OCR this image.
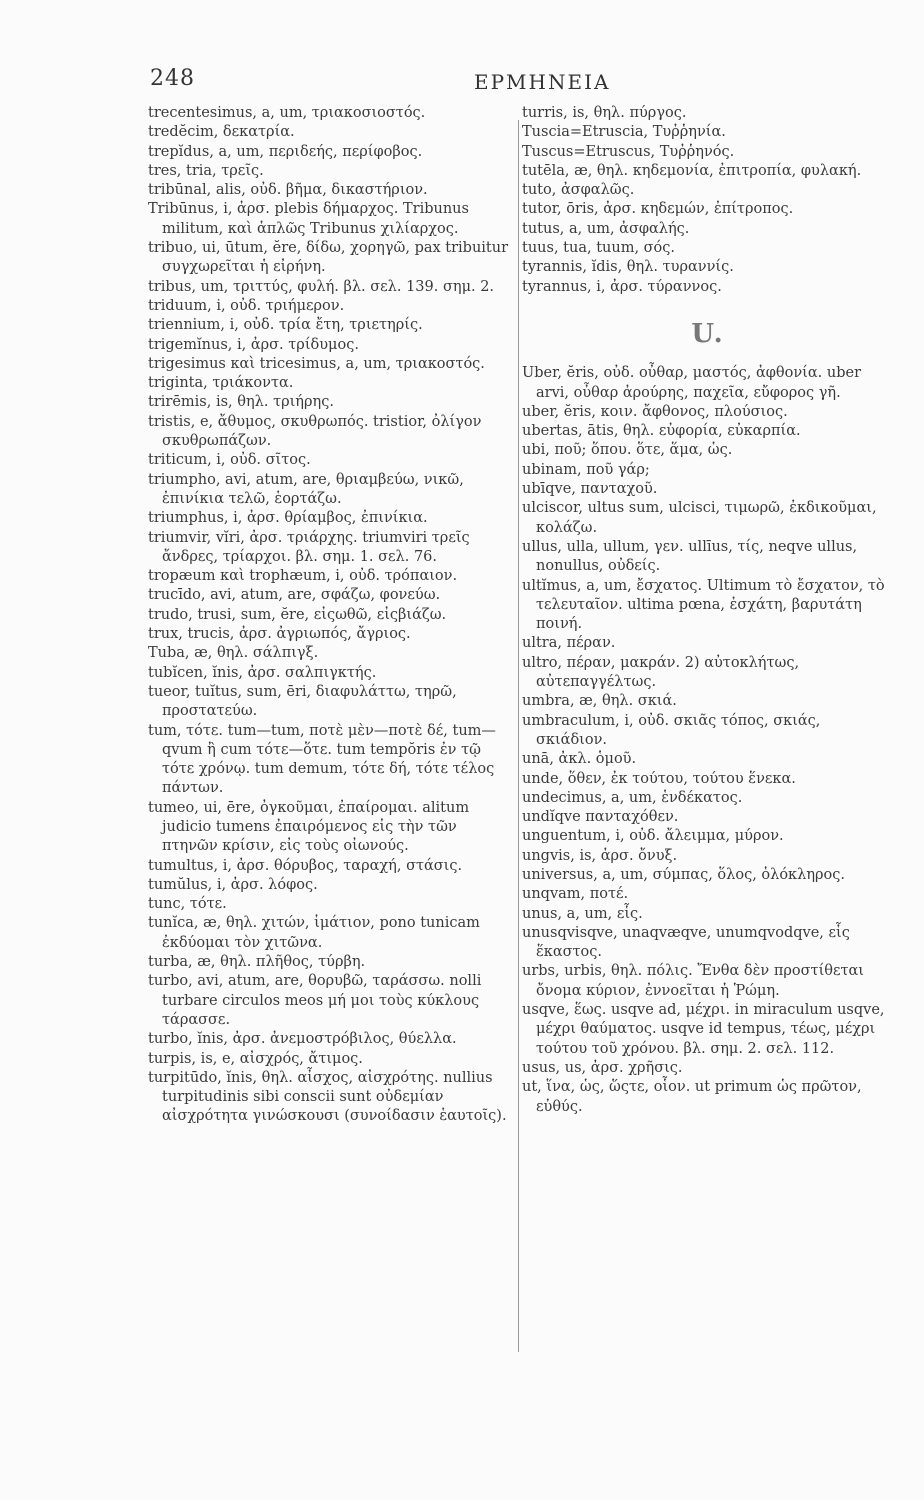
248	ΕΡΜΗΝΕΙΑ

trecentesimus, a, um, τριακοσιοστός.

tredĕcim, δεκατρία.

trepĭdus, a, um, περιδεής, περίφοβος.

tres, tria, τρεῖς.

tribūnal, alis, οὐδ. βῆμα, δικαστήριον.

Tribūnus, i, ἀρσ. plebis δήμαρχος. Tribunus militum, καὶ ἁπλῶς Tribunus χιλίαρχος.

tribuo, ui, ūtum, ĕre, δίδω, χορηγῶ, pax tribuitur συγχωρεῖται ἡ εἰρήνη.

tribus, um, τριττύς, φυλή. βλ. σελ. 139. σημ. 2.

triduum, i, οὐδ. τριήμερον.

triennium, i, οὐδ. τρία ἔτη, τριετηρίς.

trigemĭnus, i, ἀρσ. τρίδυμος.

trigesimus καὶ tricesimus, a, um, τριακοστός.

triginta, τριάκοντα.

trirēmis, is, θηλ. τριήρης.

tristis, e, ἄθυμος, σκυθρωπός. tristior, ὀλίγον σκυθρωπάζων.

triticum, i, οὐδ. σῖτος.

triumpho, avi, atum, are, θριαμβεύω, νικῶ, ἐπινίκια τελῶ, ἑορτάζω.

triumphus, i, ἀρσ. θρίαμβος, ἐπινίκια.

triumvir, vĭri, ἀρσ. τριάρχης. triumviri τρεῖς ἄνδρες, τρίαρχοι. βλ. σημ. 1. σελ. 76.

tropæum καὶ trophæum, i, οὐδ. τρόπαιον.

trucīdo, avi, atum, are, σφάζω, φονεύω.

trudo, trusi, sum, ĕre, εἰςωθῶ, εἰςβιάζω.

trux, trucis, ἀρσ. ἀγριωπός, ἄγριος.

Tuba, æ, θηλ. σάλπιγξ.

tubĭcen, ĭnis, ἀρσ. σαλπιγκτής.

tueor, tuĭtus, sum, ēri, διαφυλάττω, τηρῶ, προστατεύω.

tum, τότε. tum—tum, ποτὲ μὲν—ποτὲ δέ, tum—qvum ἢ cum τότε—ὅτε. tum tempŏris ἐν τῷ τότε χρόνῳ. tum demum, τότε δή, τότε τέλος πάντων.

tumeo, ui, ēre, ὀγκοῦμαι, ἐπαίρομαι. alitum judicio tumens ἐπαιρόμενος εἰς τὴν τῶν πτηνῶν κρίσιν, εἰς τοὺς οἰωνούς.

tumultus, i, ἀρσ. θόρυβος, ταραχή, στάσις.

tumŭlus, i, ἀρσ. λόφος.

tunc, τότε.

tunĭca, æ, θηλ. χιτών, ἱμάτιον, pono tunicam ἐκδύομαι τὸν χιτῶνα.

turba, æ, θηλ. πλῆθος, τύρβη.

turbo, avi, atum, are, θορυβῶ, ταράσσω. nolli turbare circulos meos μή μοι τοὺς κύκλους τάρασσε.

turbo, ĭnis, ἀρσ. ἀνεμοστρόβιλος, θύελλα.

turpis, is, e, αἰσχρός, ἄτιμος.

turpitūdo, ĭnis, θηλ. αἶσχος, αἰσχρότης. nullius turpitudinis sibi conscii sunt οὐδεμίαν αἰσχρότητα γινώσκουσι (συνοίδασιν ἑαυτοῖς).

turris, is, θηλ. πύργος.

Tuscia=Etruscia, Τυῤῥηνία.

Tuscus=Etruscus, Τυῤῥηνός.

tutēla, æ, θηλ. κηδεμονία, ἐπιτροπία, φυλακή.

tuto, ἀσφαλῶς.

tutor, ōris, ἀρσ. κηδεμών, ἐπίτροπος.

tutus, a, um, ἀσφαλής.

tuus, tua, tuum, σός.

tyrannis, ĭdis, θηλ. τυραννίς.

tyrannus, i, ἀρσ. τύραννος.

U.

Uber, ĕris, οὐδ. οὖθαρ, μαστός, ἀφθονία. uber arvi, οὖθαρ ἀρούρης, παχεῖα, εὔφορος γῆ.

uber, ĕris, κοιν. ἄφθονος, πλούσιος.

ubertas, ātis, θηλ. εὐφορία, εὐκαρπία.

ubi, ποῦ; ὅπου. ὅτε, ἅμα, ὡς.

ubinam, ποῦ γάρ;

ubīqve, πανταχοῦ.

ulciscor, ultus sum, ulcisci, τιμωρῶ, ἐκδικοῦμαι, κολάζω.

ullus, ulla, ullum, γεν. ullīus, τίς, neqve ullus, nonullus, οὐδείς.

ultĭmus, a, um, ἔσχατος. Ultimum τὸ ἔσχατον, τὸ τελευταῖον. ultima pœna, ἐσχάτη, βαρυτάτη ποινή.

ultra, πέραν.

ultro, πέραν, μακράν. 2) αὐτοκλήτως, αὐτεπαγγέλτως.

umbra, æ, θηλ. σκιά.

umbraculum, i, οὐδ. σκιᾶς τόπος, σκιάς, σκιάδιον.

unā, ἀκλ. ὁμοῦ.

unde, ὅθεν, ἐκ τούτου, τούτου ἕνεκα.

undecimus, a, um, ἑνδέκατος.

undĭqve πανταχόθεν.

unguentum, i, οὐδ. ἄλειμμα, μύρον.

ungvis, is, ἀρσ. ὄνυξ.

universus, a, um, σύμπας, ὅλος, ὁλόκληρος.

unqvam, ποτέ.

unus, a, um, εἷς.

unusqvisqve, unaqvæqve, unumqvodqve, εἷς ἕκαστος.

urbs, urbis, θηλ. πόλις. Ἔνθα δὲν προστίθεται ὄνομα κύριον, ἐννοεῖται ἡ Ῥώμη.

usqve, ἕως. usqve ad, μέχρι. in miraculum usqve, μέχρι θαύματος. usqve id tempus, τέως, μέχρι τούτου τοῦ χρόνου. βλ. σημ. 2. σελ. 112.

usus, us, ἀρσ. χρῆσις.

ut, ἵνα, ὡς, ὥςτε, οἷον. ut primum ὡς πρῶτον, εὐθύς.
